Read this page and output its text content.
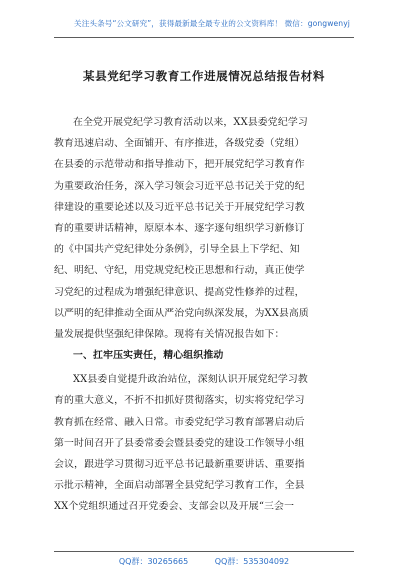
关注头条号“公文研究”，获得最新最全最专业的公文资料库！ 微信：gongwenyj
某县党纪学习教育工作进展情况总结报告材料
在全党开展党纪学习教育活动以来，XX县委党纪学习
教育迅速启动、全面铺开、有序推进，各级党委（党组）
在县委的示范带动和指导推动下，把开展党纪学习教育作
为重要政治任务，深入学习领会习近平总书记关于党的纪
律建设的重要论述以及习近平总书记关于开展党纪学习教
育的重要讲话精神，原原本本、逐字逐句组织学习新修订
的《中国共产党纪律处分条例》，引导全县上下学纪、知
纪、明纪、守纪，用党规党纪校正思想和行动，真正使学
习党纪的过程成为增强纪律意识、提高党性修养的过程，
以严明的纪律推动全面从严治党向纵深发展，为XX县高质
量发展提供坚强纪律保障。现将有关情况报告如下：
一、扛牢压实责任，精心组织推动
XX县委自觉提升政治站位，深刻认识开展党纪学习教
育的重大意义，不折不扣抓好贯彻落实，切实将党纪学习
教育抓在经常、融入日常。市委党纪学习教育部署启动后
第一时间召开了县委常委会暨县委党的建设工作领导小组
会议，跟进学习贯彻习近平总书记最新重要讲话、重要指
示批示精神，全面启动部署全县党纪学习教育工作，全县
XX个党组织通过召开党委会、支部会以及开展“三会一
QQ群：30265665	QQ群：535304092
